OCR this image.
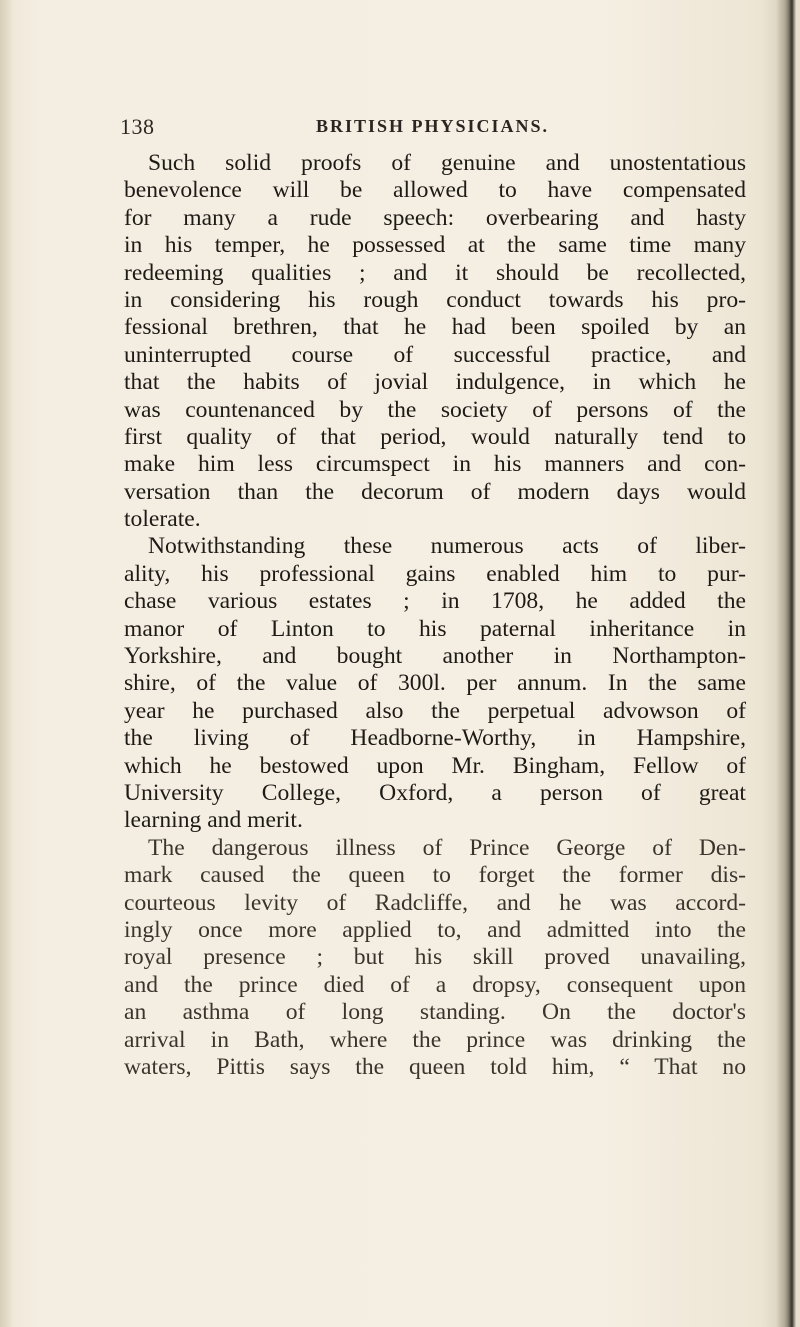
138	BRITISH PHYSICIANS.
Such solid proofs of genuine and unostentatious
benevolence will be allowed to have compensated
for many a rude speech: overbearing and hasty
in his temper, he possessed at the same time many
redeeming qualities ; and it should be recollected,
in considering his rough conduct towards his pro-
fessional brethren, that he had been spoiled by an
uninterrupted course of successful practice, and
that the habits of jovial indulgence, in which he
was countenanced by the society of persons of the
first quality of that period, would naturally tend to
make him less circumspect in his manners and con-
versation than the decorum of modern days would
tolerate.
Notwithstanding these numerous acts of liber-
ality, his professional gains enabled him to pur-
chase various estates ; in 1708, he added the
manor of Linton to his paternal inheritance in
Yorkshire, and bought another in Northampton-
shire, of the value of 300l. per annum. In the same
year he purchased also the perpetual advowson of
the living of Headborne-Worthy, in Hampshire,
which he bestowed upon Mr. Bingham, Fellow of
University College, Oxford, a person of great
learning and merit.
The dangerous illness of Prince George of Den-
mark caused the queen to forget the former dis-
courteous levity of Radcliffe, and he was accord-
ingly once more applied to, and admitted into the
royal presence ; but his skill proved unavailing,
and the prince died of a dropsy, consequent upon
an asthma of long standing. On the doctor's
arrival in Bath, where the prince was drinking the
waters, Pittis says the queen told him, “ That no
